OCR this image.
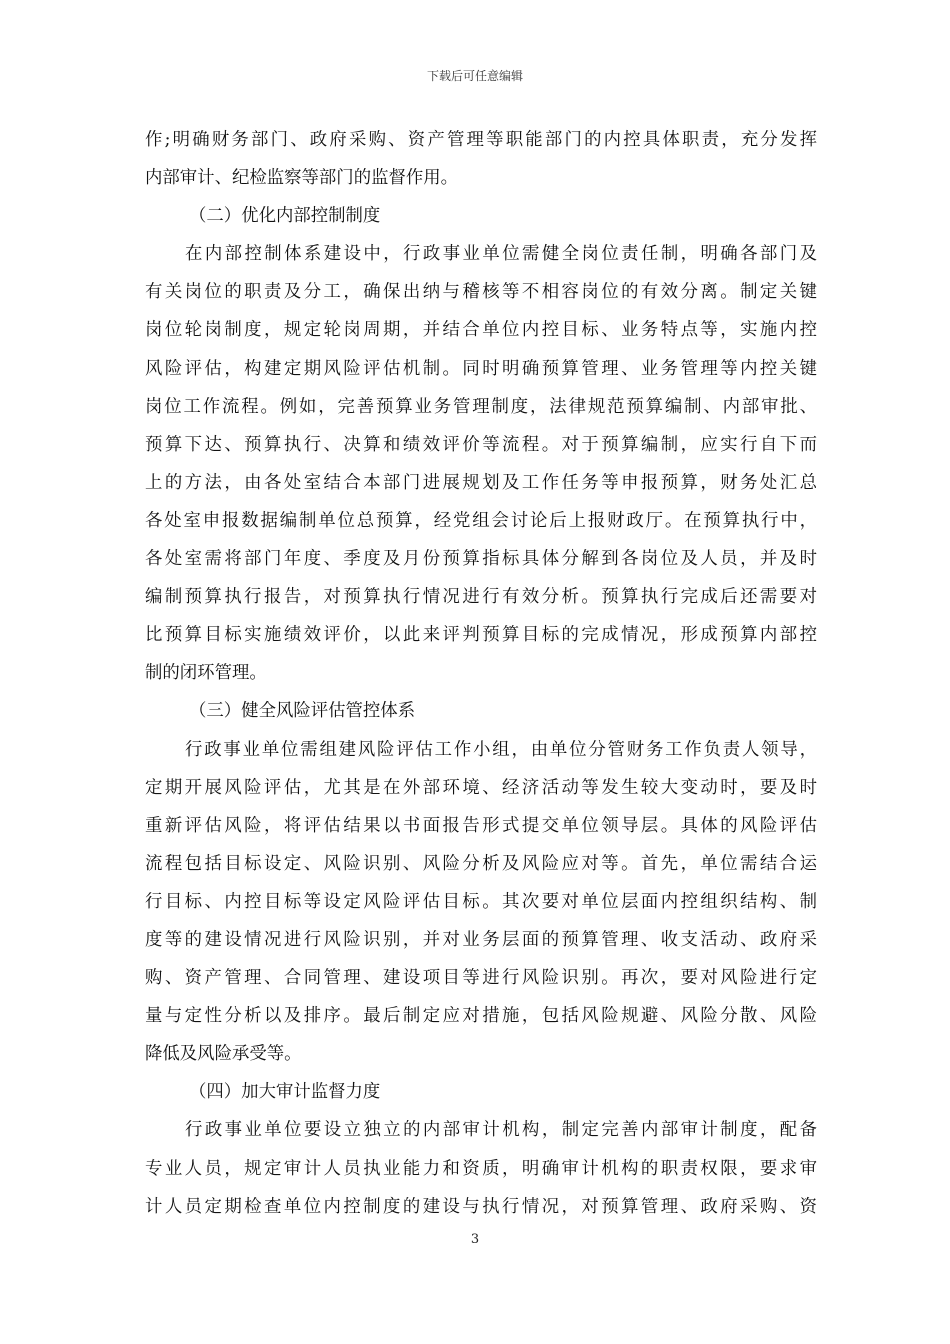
下载后可任意编辑
作;明确财务部门、政府采购、资产管理等职能部门的内控具体职责，充分发挥
内部审计、纪检监察等部门的监督作用。
（二）优化内部控制制度
在内部控制体系建设中，行政事业单位需健全岗位责任制，明确各部门及
有关岗位的职责及分工，确保出纳与稽核等不相容岗位的有效分离。制定关键
岗位轮岗制度，规定轮岗周期，并结合单位内控目标、业务特点等，实施内控
风险评估，构建定期风险评估机制。同时明确预算管理、业务管理等内控关键
岗位工作流程。例如，完善预算业务管理制度，法律规范预算编制、内部审批、
预算下达、预算执行、决算和绩效评价等流程。对于预算编制，应实行自下而
上的方法，由各处室结合本部门进展规划及工作任务等申报预算，财务处汇总
各处室申报数据编制单位总预算，经党组会讨论后上报财政厅。在预算执行中，
各处室需将部门年度、季度及月份预算指标具体分解到各岗位及人员，并及时
编制预算执行报告，对预算执行情况进行有效分析。预算执行完成后还需要对
比预算目标实施绩效评价，以此来评判预算目标的完成情况，形成预算内部控
制的闭环管理。
（三）健全风险评估管控体系
行政事业单位需组建风险评估工作小组，由单位分管财务工作负责人领导，
定期开展风险评估，尤其是在外部环境、经济活动等发生较大变动时，要及时
重新评估风险，将评估结果以书面报告形式提交单位领导层。具体的风险评估
流程包括目标设定、风险识别、风险分析及风险应对等。首先，单位需结合运
行目标、内控目标等设定风险评估目标。其次要对单位层面内控组织结构、制
度等的建设情况进行风险识别，并对业务层面的预算管理、收支活动、政府采
购、资产管理、合同管理、建设项目等进行风险识别。再次，要对风险进行定
量与定性分析以及排序。最后制定应对措施，包括风险规避、风险分散、风险
降低及风险承受等。
（四）加大审计监督力度
行政事业单位要设立独立的内部审计机构，制定完善内部审计制度，配备
专业人员，规定审计人员执业能力和资质，明确审计机构的职责权限，要求审
计人员定期检查单位内控制度的建设与执行情况，对预算管理、政府采购、资
3
